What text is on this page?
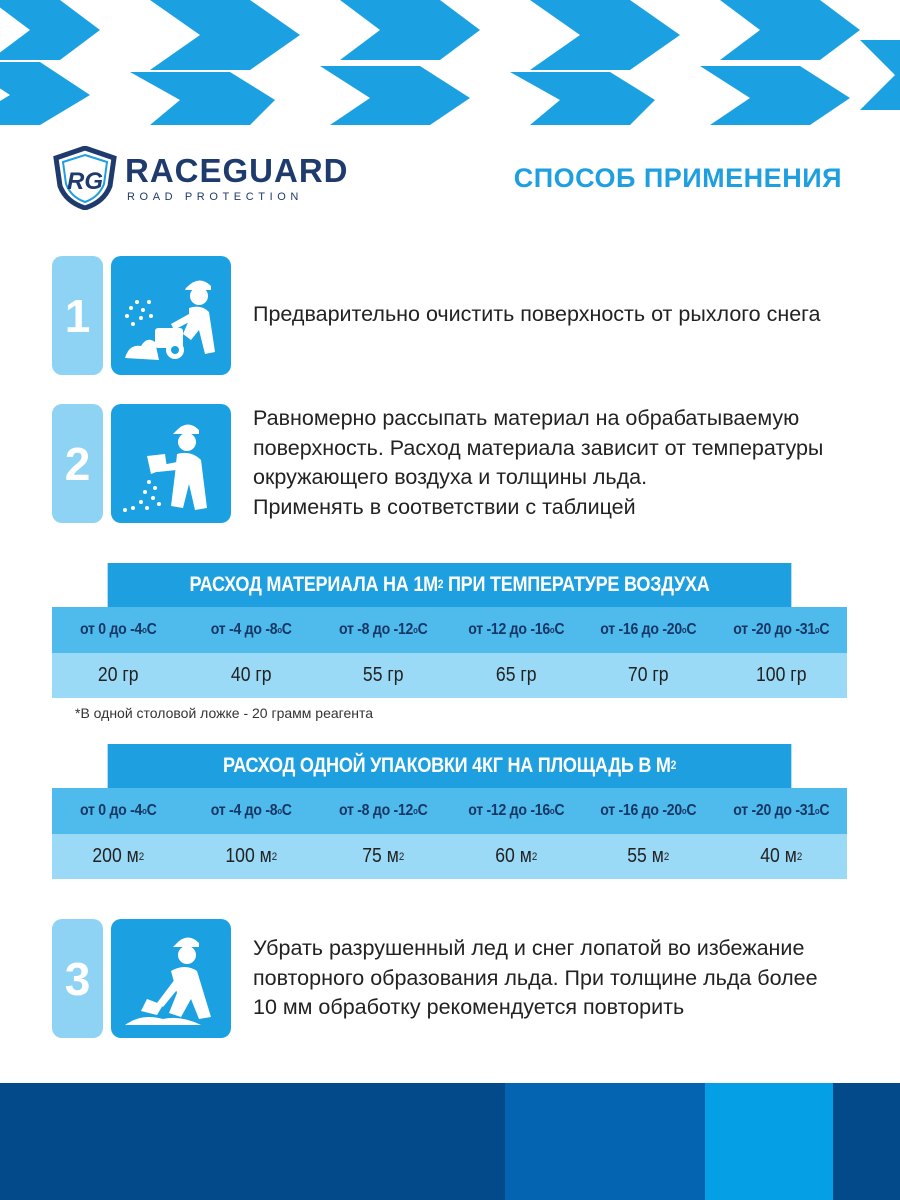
RG RACEGUARD
ROAD PROTECTION
СПОСОБ ПРИМЕНЕНИЯ
1	Предварительно очистить поверхность от рыхлого снега

2

Равномерно рассыпать материал на обрабатываемую

поверхность. Расход материала зависит от температуры

окружающего воздуха и толщины льда.

Применять в соответствии с таблицей

РАСХОД МАТЕРИАЛА НА 1М 2 ПРИ ТЕМПЕРАТУРЕ ВОЗДУХА
от 0 до -4 o C	от -4 до -8 o C	от -8 до -12 o C	от -12 до -16 o C от -16 до -20 o C от -20 до -31 o C
20 гр	40 гр	55 гр	65 гр	70 гр	100 гр
*В одной столовой ложке - 20 грамм реагента
РАСХОД ОДНОЙ УПАКОВКИ 4КГ НА ПЛОЩАДЬ В М 2
от 0 до -4 o C	от -4 до -8 o C	от -8 до -12 o C	от -12 до -16 o C от -16 до -20 o C от -20 до -31 o C
200 м 2	100 м 2	75 м 2	60 м 2	55 м 2	40 м 2
3

Убрать разрушенный лед и снег лопатой во избежание

повторного образования льда. При толщине льда более

10 мм обработку рекомендуется повторить
